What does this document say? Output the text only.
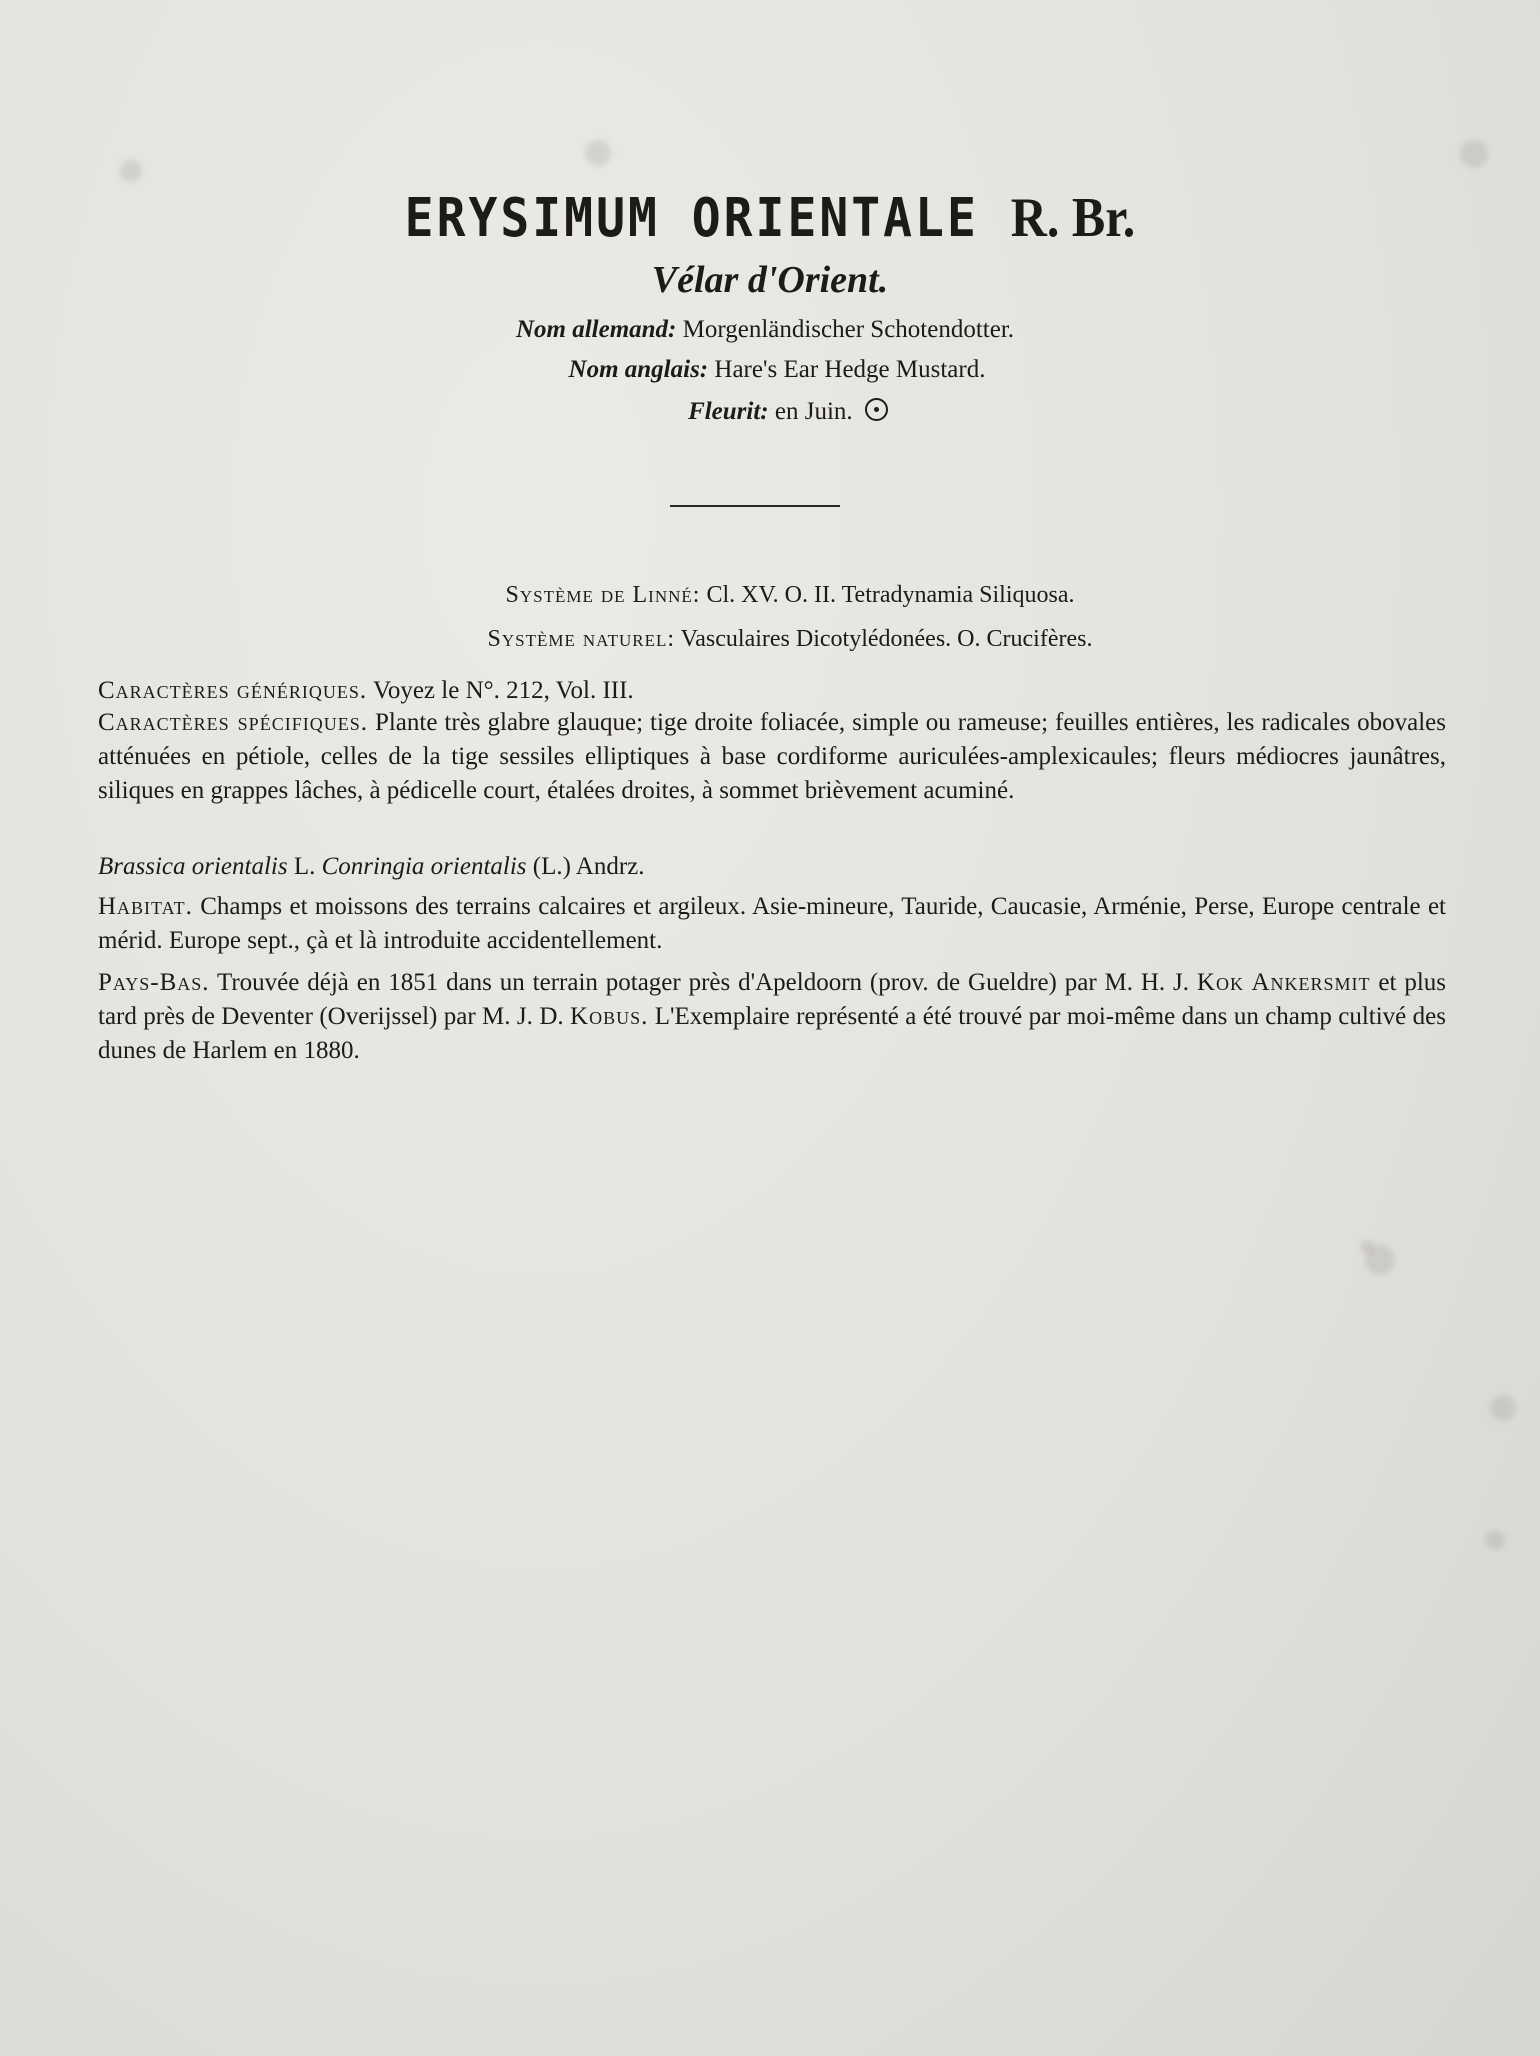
ERYSIMUM ORIENTALE R. Br.
Vélar d'Orient.
Nom allemand: Morgenländischer Schotendotter.
Nom anglais: Hare's Ear Hedge Mustard.
Fleurit: en Juin.
Système de Linné: Cl. XV. O. II. Tetradynamia Siliquosa.
Système naturel: Vasculaires Dicotylédonées. O. Crucifères.
Caractères génériques. Voyez le N°. 212, Vol. III.
Caractères spécifiques. Plante très glabre glauque; tige droite foliacée, simple ou rameuse; feuilles entières, les radicales obovales atténuées en pétiole, celles de la tige sessiles elliptiques à base cordiforme auriculées-amplexicaules; fleurs médiocres jaunâtres, siliques en grappes lâches, à pédicelle court, étalées droites, à sommet brièvement acuminé.
Brassica orientalis L. Conringia orientalis (L.) Andrz.
Habitat. Champs et moissons des terrains calcaires et argileux. Asie-mineure, Tauride, Caucasie, Arménie, Perse, Europe centrale et mérid. Europe sept., çà et là introduite accidentellement.
Pays-Bas. Trouvée déjà en 1851 dans un terrain potager près d'Apeldoorn (prov. de Gueldre) par M. H. J. Kok Ankersmit et plus tard près de Deventer (Overijssel) par M. J. D. Kobus. L'Exemplaire représenté a été trouvé par moi-même dans un champ cultivé des dunes de Harlem en 1880.
